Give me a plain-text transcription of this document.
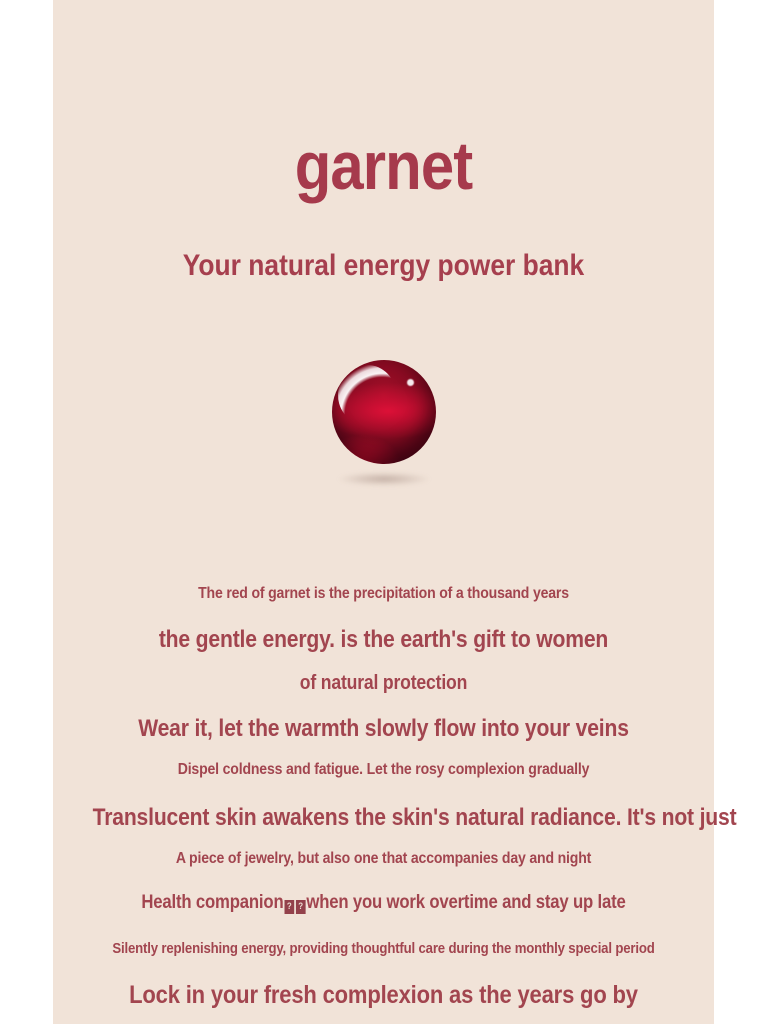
garnet
Your natural energy power bank
The red of garnet is the precipitation of a thousand years
the gentle energy. is the earth's gift to women
of natural protection
Wear it, let the warmth slowly flow into your veins
Dispel coldness and fatigue. Let the rosy complexion gradually
Translucent skin awakens the skin's natural radiance. It's not just
A piece of jewelry, but also one that accompanies day and night
Health companion ? ? when you work overtime and stay up late
Silently replenishing energy, providing thoughtful care during the monthly special period
Lock in your fresh complexion as the years go by
